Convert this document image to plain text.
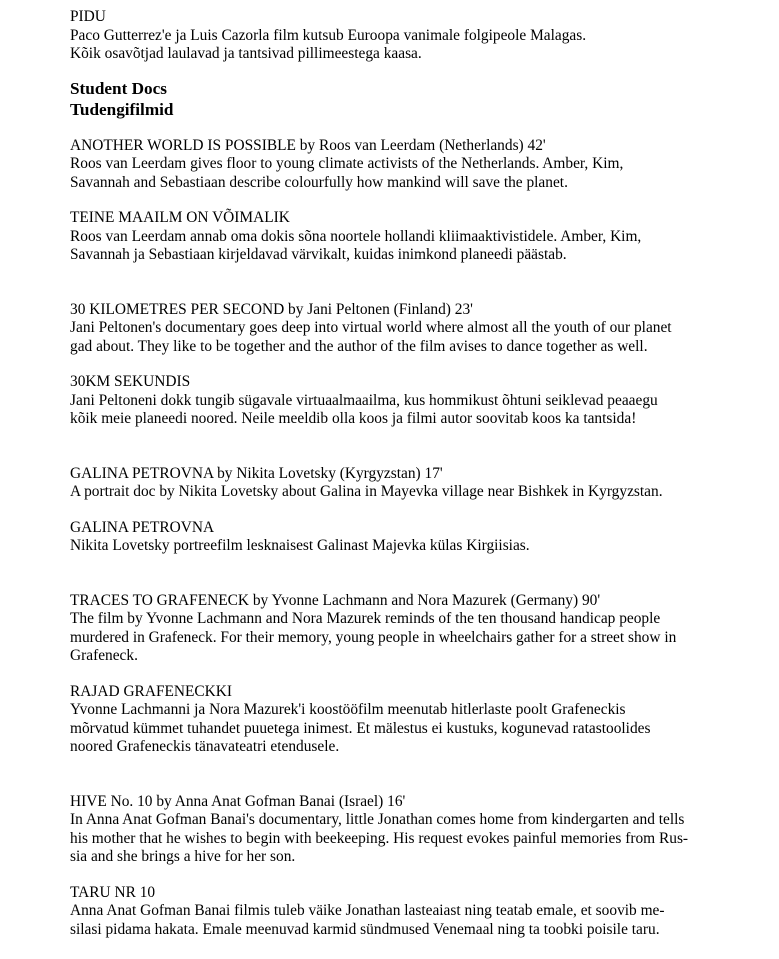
PIDU

Paco Gutterrez'e ja Luis Cazorla film kutsub Euroopa vanimale folgipeole Malagas.

Kõik osavõtjad laulavad ja tantsivad pillimeestega kaasa.

Student Docs

Tudengifilmid

ANOTHER WORLD IS POSSIBLE by Roos van Leerdam (Netherlands) 42'

Roos van Leerdam gives floor to young climate activists of the Netherlands. Amber, Kim,

Savannah and Sebastiaan describe colourfully how mankind will save the planet.

TEINE MAAILM ON VÕIMALIK

Roos van Leerdam annab oma dokis sõna noortele hollandi kliimaaktivistidele. Amber, Kim,

Savannah ja Sebastiaan kirjeldavad värvikalt, kuidas inimkond planeedi päästab.

30 KILOMETRES PER SECOND by Jani Peltonen (Finland) 23'

Jani Peltonen's documentary goes deep into virtual world where almost all the youth of our planet

gad about. They like to be together and the author of the film avises to dance together as well.

30KM SEKUNDIS

Jani Peltoneni dokk tungib sügavale virtuaalmaailma, kus hommikust õhtuni seiklevad peaaegu

kõik meie planeedi noored. Neile meeldib olla koos ja filmi autor soovitab koos ka tantsida!

GALINA PETROVNA by Nikita Lovetsky (Kyrgyzstan) 17'

A portrait doc by Nikita Lovetsky about Galina in Mayevka village near Bishkek in Kyrgyzstan.

GALINA PETROVNA

Nikita Lovetsky portreefilm lesknaisest Galinast Majevka külas Kirgiisias.

TRACES TO GRAFENECK by Yvonne Lachmann and Nora Mazurek (Germany) 90'

The film by Yvonne Lachmann and Nora Mazurek reminds of the ten thousand handicap people

murdered in Grafeneck. For their memory, young people in wheelchairs gather for a street show in

Grafeneck.

RAJAD GRAFENECKKI

Yvonne Lachmanni ja Nora Mazurek'i koostööfilm meenutab hitlerlaste poolt Grafeneckis

mõrvatud kümmet tuhandet puuetega inimest. Et mälestus ei kustuks, kogunevad ratastoolides

noored Grafeneckis tänavateatri etendusele.

HIVE No. 10 by Anna Anat Gofman Banai (Israel) 16'

In Anna Anat Gofman Banai's documentary, little Jonathan comes home from kindergarten and tells

his mother that he wishes to begin with beekeeping. His request evokes painful memories from Rus-

sia and she brings a hive for her son.

TARU NR 10

Anna Anat Gofman Banai filmis tuleb väike Jonathan lasteaiast ning teatab emale, et soovib me-

silasi pidama hakata. Emale meenuvad karmid sündmused Venemaal ning ta toobki poisile taru.
